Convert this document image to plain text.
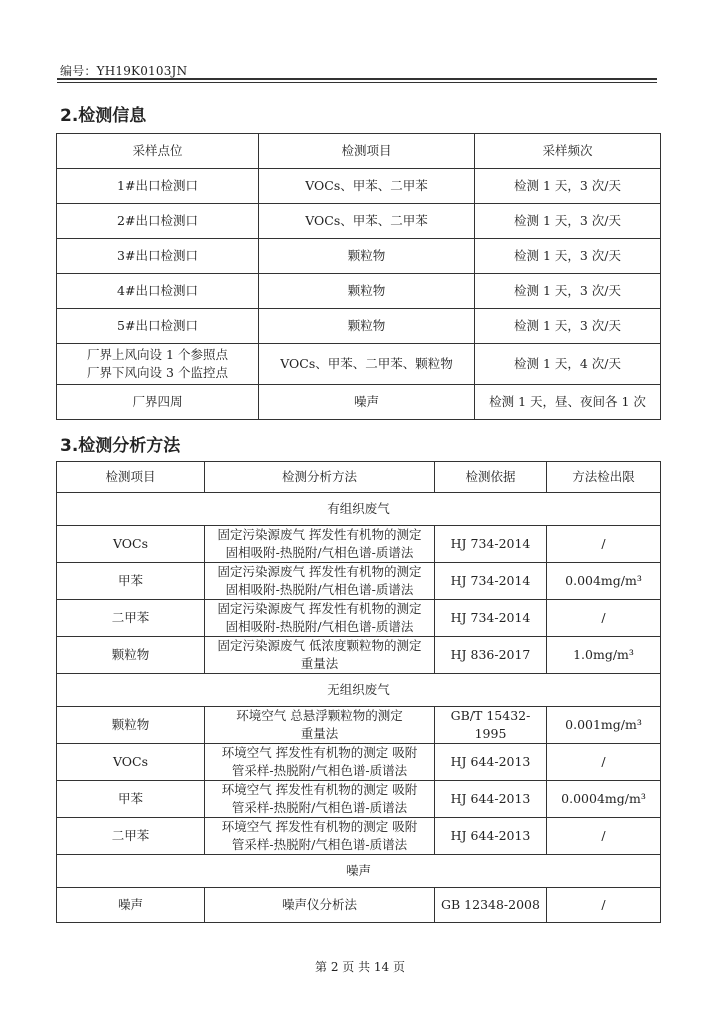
编号：YH19K0103JN
2.检测信息
采样点位	检测项目	采样频次
1#出口检测口	VOCs、甲苯、二甲苯	检测 1 天，3 次/天
2#出口检测口	VOCs、甲苯、二甲苯	检测 1 天，3 次/天
3#出口检测口	颗粒物	检测 1 天，3 次/天
4#出口检测口	颗粒物	检测 1 天，3 次/天
5#出口检测口	颗粒物	检测 1 天，3 次/天

厂界上风向设 1 个参照点
厂界下风向设 3 个监控点	VOCs、甲苯、二甲苯、颗粒物	检测 1 天，4 次/天
厂界四周	噪声	检测 1 天，昼、夜间各 1 次
3.检测分析方法
检测项目	检测分析方法	检测依据	方法检出限
有组织废气			
VOCs	固定污染源废气 挥发性有机物的测定
固相吸附-热脱附/气相色谱-质谱法	HJ 734-2014	/
甲苯	固定污染源废气 挥发性有机物的测定
固相吸附-热脱附/气相色谱-质谱法	HJ 734-2014	0.004mg/m³
二甲苯	固定污染源废气 挥发性有机物的测定
固相吸附-热脱附/气相色谱-质谱法	HJ 734-2014	/
颗粒物	固定污染源废气 低浓度颗粒物的测定
重量法	HJ 836-2017	1.0mg/m³
无组织废气			
颗粒物	环境空气 总悬浮颗粒物的测定
重量法	GB/T 15432-1995	0.001mg/m³
VOCs	环境空气 挥发性有机物的测定 吸附
管采样-热脱附/气相色谱-质谱法	HJ 644-2013	/
甲苯	环境空气 挥发性有机物的测定 吸附
管采样-热脱附/气相色谱-质谱法	HJ 644-2013	0.0004mg/m³
二甲苯	环境空气 挥发性有机物的测定 吸附
管采样-热脱附/气相色谱-质谱法	HJ 644-2013	/
噪声			
噪声	噪声仪分析法	GB 12348-2008	/
第 2 页 共 14 页
